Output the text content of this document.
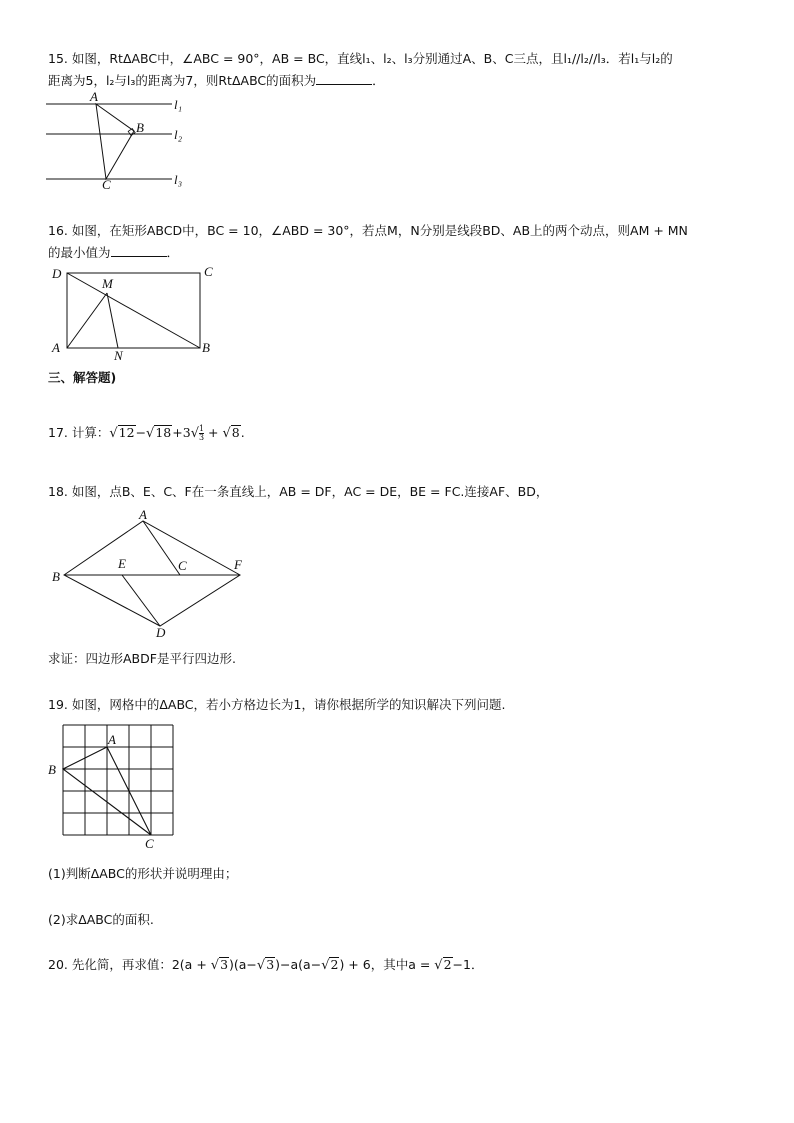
15. 如图，RtΔABC中，∠ABC = 90°，AB = BC，直线l₁、l₂、l₃分别通过A、B、C三点，且l₁//l₂//l₃．若l₁与l₂的
距离为5，l₂与l₃的距离为7，则RtΔABC的面积为	．
A
B
C
l₁
l₂
l₃
16. 如图，在矩形ABCD中，BC = 10，∠ABD = 30°，若点M，N分别是线段BD、AB上的两个动点，则AM + MN
的最小值为	．
D	C
A	B
M
N
三、解答题)
17. 计算：$√12-√18+3√ \frac{1}{3} + √8$.
18. 如图，点B、E、C、F在一条直线上，AB = DF，AC = DE，BE = FC.连接AF、BD，
A
B
E	C	F
D
求证：四边形ABDF是平行四边形.
19. 如图，网格中的ΔABC，若小方格边长为1，请你根据所学的知识解决下列问题.
A
B
C
(1)判断ΔABC的形状并说明理由；
(2)求ΔABC的面积.
20. 先化简，再求值：2(a + √3)(a−√3)−a(a−√2) + 6，其中a = √2−1．
